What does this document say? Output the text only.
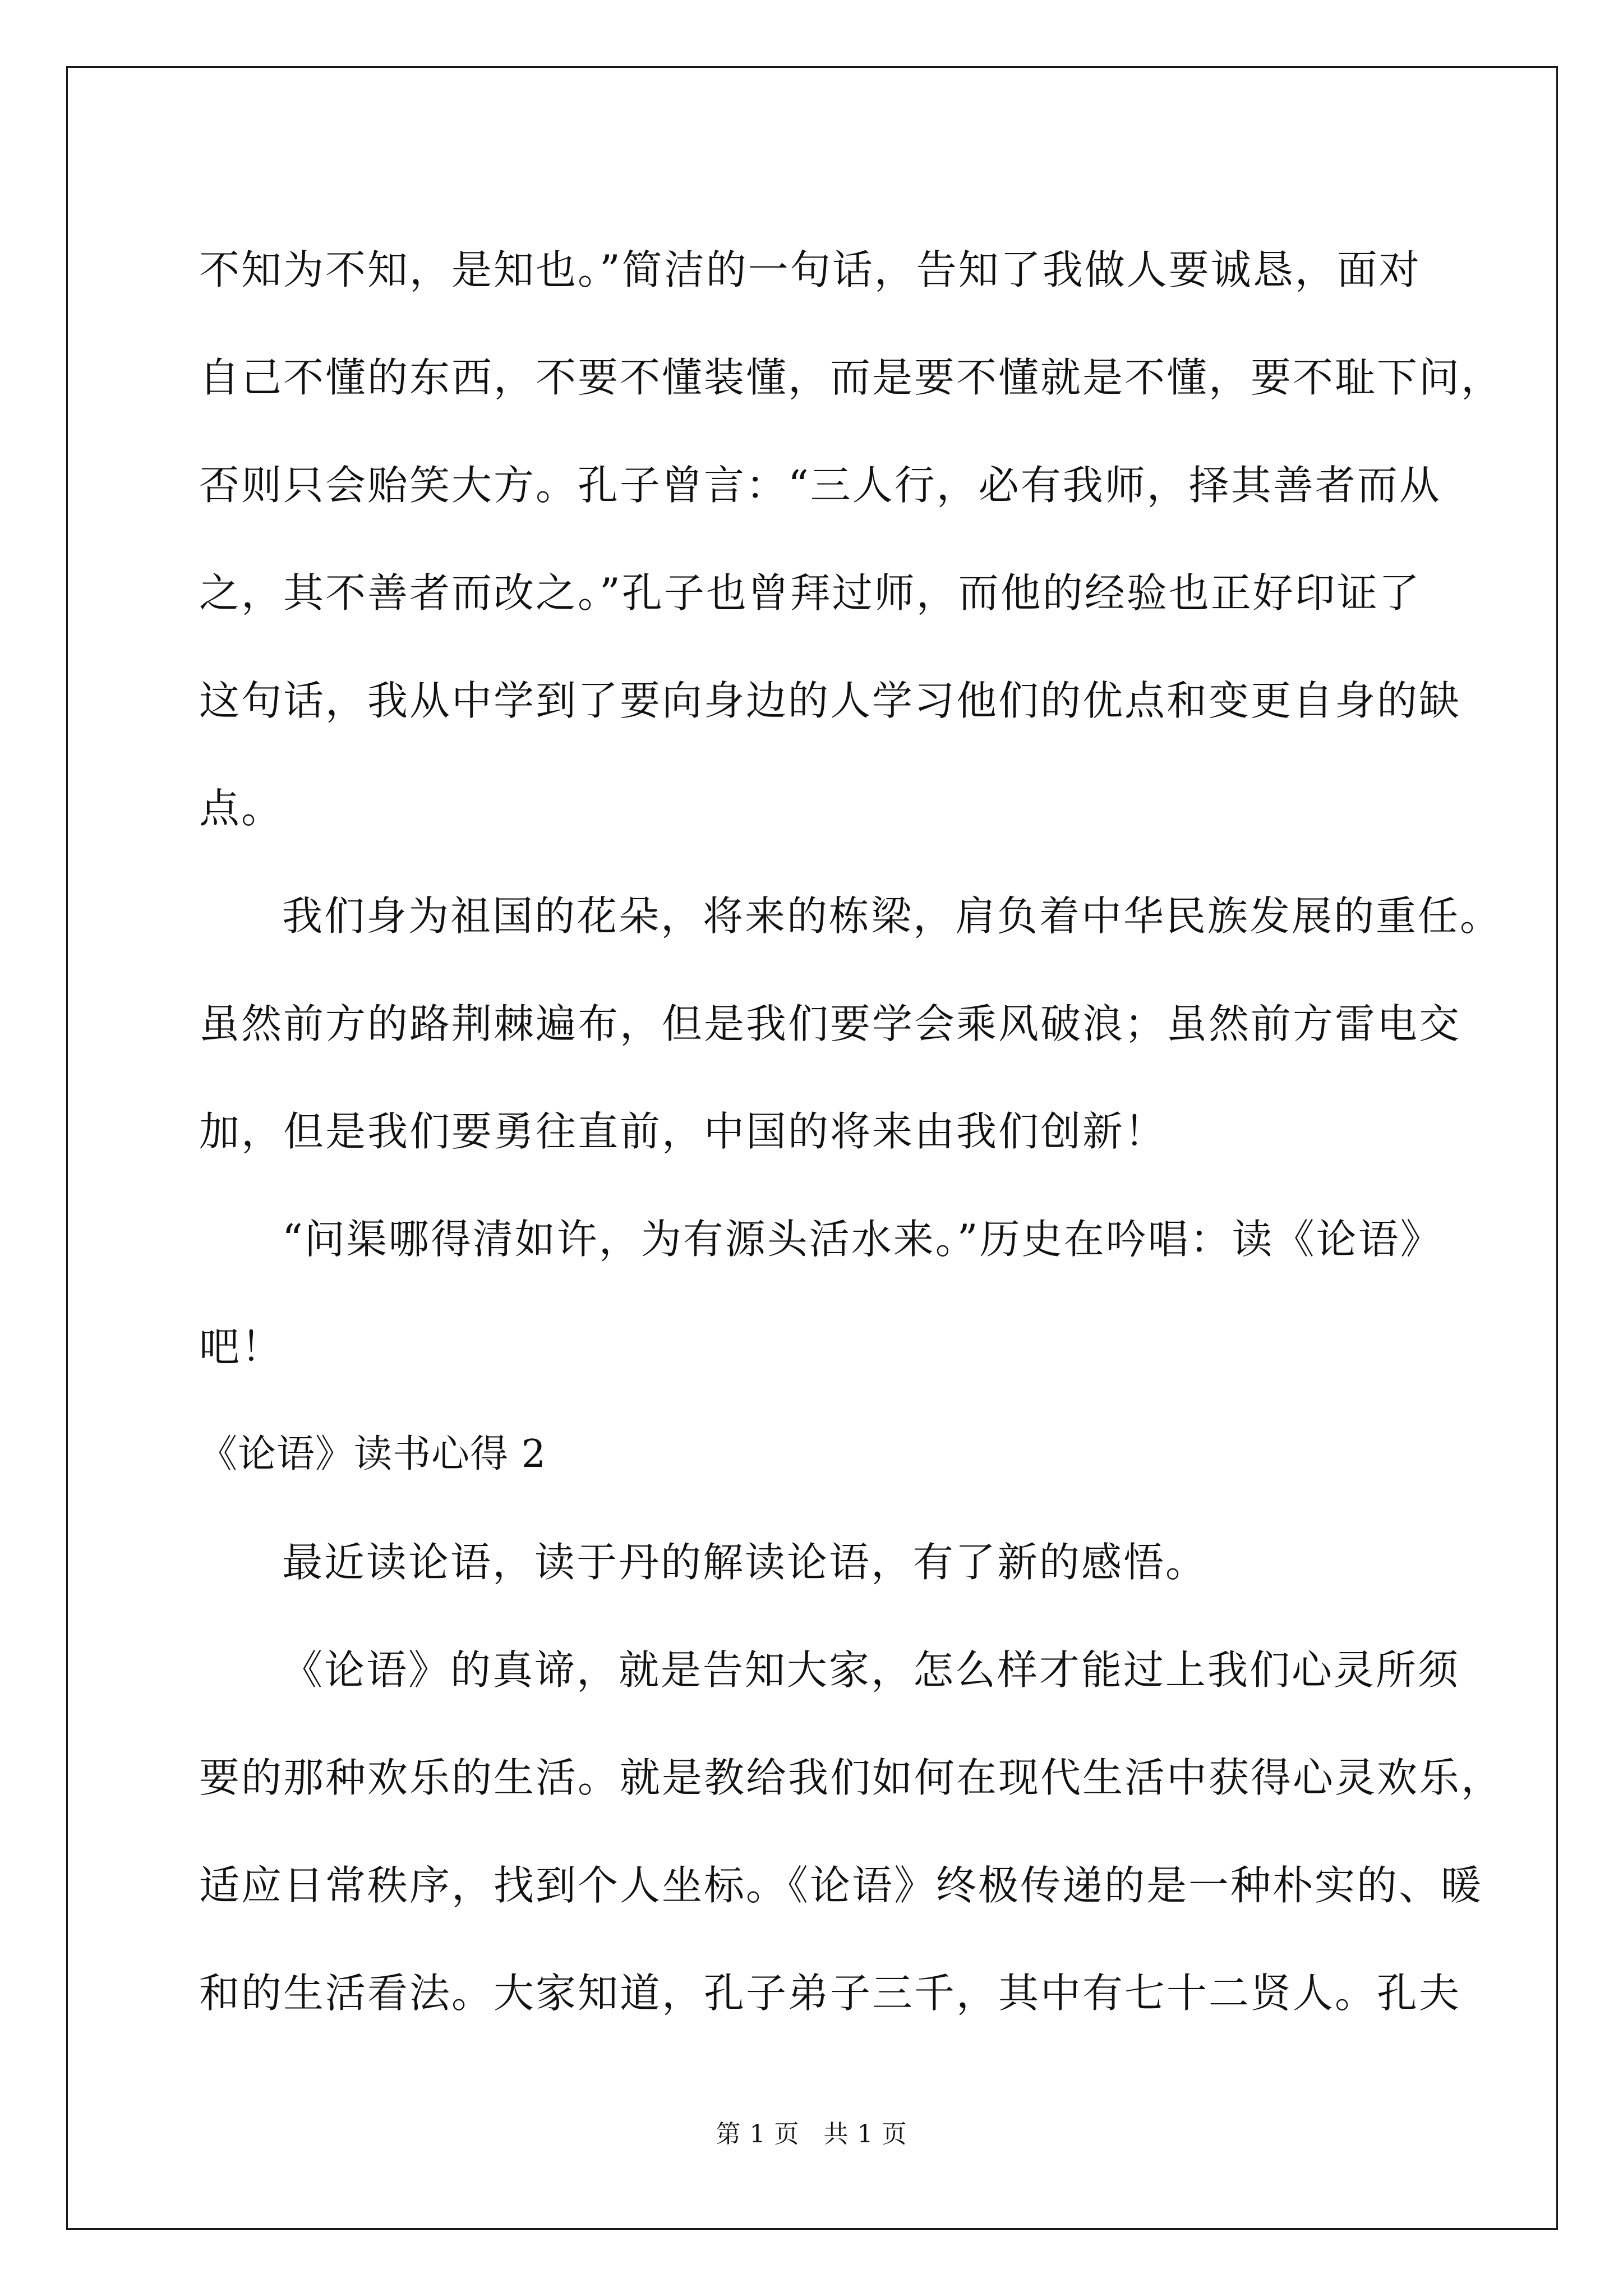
不知为不知，是知也。”简洁的一句话，告知了我做人要诚恳，面对
自己不懂的东西，不要不懂装懂，而是要不懂就是不懂，要不耻下问，
否则只会贻笑大方。孔子曾言：“三人行，必有我师，择其善者而从
之，其不善者而改之。”孔子也曾拜过师，而他的经验也正好印证了
这句话，我从中学到了要向身边的人学习他们的优点和变更自身的缺
点。
我们身为祖国的花朵，将来的栋梁，肩负着中华民族发展的重任。
虽然前方的路荆棘遍布，但是我们要学会乘风破浪；虽然前方雷电交
加，但是我们要勇往直前，中国的将来由我们创新！
“问渠哪得清如许，为有源头活水来。”历史在吟唱：读《论语》
吧！
《论语》读书心得 2
最近读论语，读于丹的解读论语，有了新的感悟。
《论语》的真谛，就是告知大家，怎么样才能过上我们心灵所须
要的那种欢乐的生活。就是教给我们如何在现代生活中获得心灵欢乐，
适应日常秩序，找到个人坐标。《论语》终极传递的是一种朴实的、暖
和的生活看法。大家知道，孔子弟子三千，其中有七十二贤人。孔夫
第 1 页 共 1 页
